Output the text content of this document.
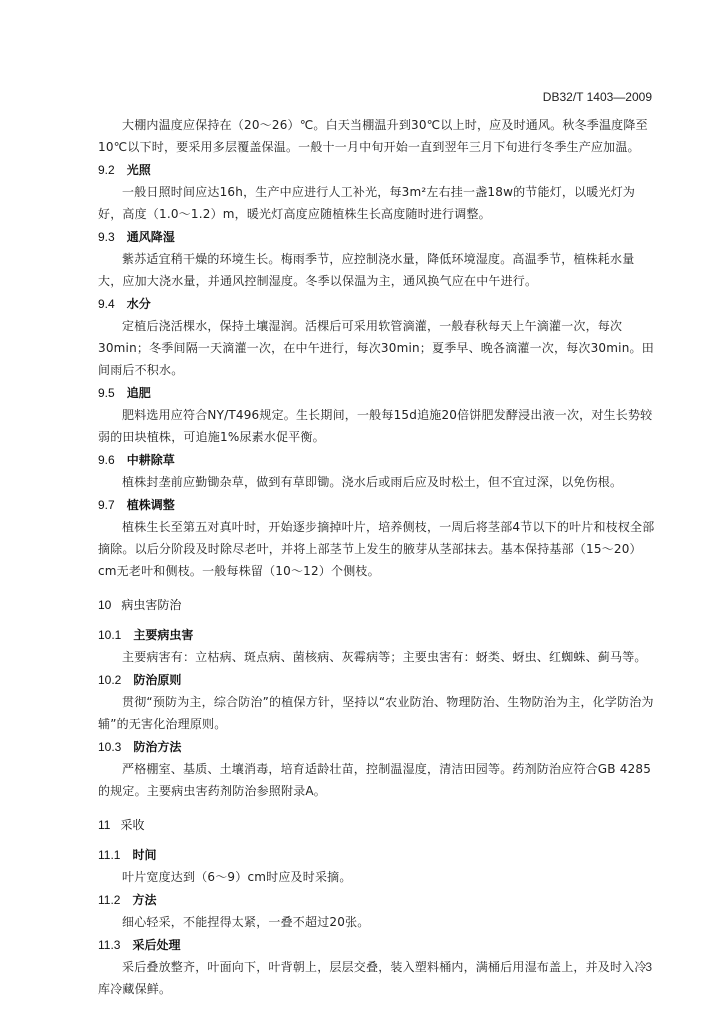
DB32/T 1403—2009

大棚内温度应保持在（20～26）℃。白天当棚温升到30℃以上时，应及时通风。秋冬季温度降至10℃以下时，要采用多层覆盖保温。一般十一月中旬开始一直到翌年三月下旬进行冬季生产应加温。

9.2 光照

一般日照时间应达16h，生产中应进行人工补光，每3m²左右挂一盏18w的节能灯，以暖光灯为好，高度（1.0～1.2）m，暖光灯高度应随植株生长高度随时进行调整。

9.3 通风降湿

紫苏适宜稍干燥的环境生长。梅雨季节，应控制浇水量，降低环境湿度。高温季节，植株耗水量大，应加大浇水量，并通风控制湿度。冬季以保温为主，通风换气应在中午进行。

9.4 水分

定植后浇活棵水，保持土壤湿润。活棵后可采用软管滴灌，一般春秋每天上午滴灌一次，每次30min；冬季间隔一天滴灌一次，在中午进行，每次30min；夏季早、晚各滴灌一次，每次30min。田间雨后不积水。

9.5 追肥

肥料选用应符合NY/T496规定。生长期间，一般每15d追施20倍饼肥发酵浸出液一次，对生长势较弱的田块植株，可追施1%尿素水促平衡。

9.6 中耕除草

植株封垄前应勤锄杂草，做到有草即锄。浇水后或雨后应及时松土，但不宜过深，以免伤根。

9.7 植株调整

植株生长至第五对真叶时，开始逐步摘掉叶片，培养侧枝，一周后将茎部4节以下的叶片和枝杈全部摘除。以后分阶段及时除尽老叶，并将上部茎节上发生的腋芽从茎部抹去。基本保持基部（15～20）cm无老叶和侧枝。一般每株留（10～12）个侧枝。

10 病虫害防治
10.1 主要病虫害

主要病害有：立枯病、斑点病、菌核病、灰霉病等；主要虫害有：蚜类、蚜虫、红蜘蛛、蓟马等。

10.2 防治原则

贯彻“预防为主，综合防治”的植保方针，坚持以“农业防治、物理防治、生物防治为主，化学防治为辅”的无害化治理原则。

10.3 防治方法

严格棚室、基质、土壤消毒，培育适龄壮苗，控制温湿度，清洁田园等。药剂防治应符合GB 4285的规定。主要病虫害药剂防治参照附录A。

11 采收
11.1 时间

叶片宽度达到（6～9）cm时应及时采摘。

11.2 方法

细心轻采，不能捏得太紧，一叠不超过20张。

11.3 采后处理

采后叠放整齐，叶面向下，叶背朝上，层层交叠，装入塑料桶内，满桶后用湿布盖上，并及时入冷库冷藏保鲜。

3
